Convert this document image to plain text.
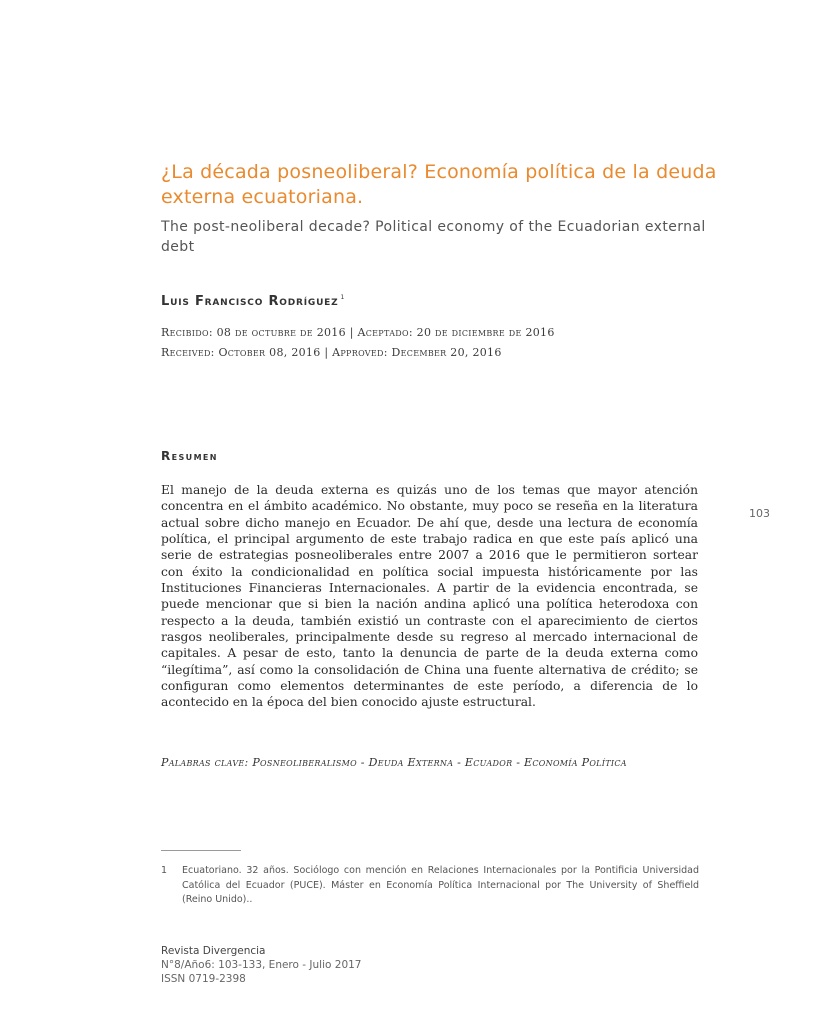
¿La década posneoliberal? Economía política de la deuda externa ecuatoriana.
The post-neoliberal decade? Political economy of the Ecuadorian external debt
Luis Francisco Rodríguez $^1$
Recibido: 08 de octubre de 2016 | Aceptado: 20 de diciembre de 2016
Received: October 08, 2016 | Approved: December 20, 2016
Resumen
103

El manejo de la deuda externa es quizás uno de los temas que mayor atención concentra en el ámbito académico. No obstante, muy poco se reseña en la literatura actual sobre dicho manejo en Ecuador. De ahí que, desde una lectura de economía política, el principal argumento de este trabajo radica en que este país aplicó una serie de estrategias posneoliberales entre 2007 a 2016 que le permitieron sortear con éxito la condicionalidad en política social impuesta históricamente por las Instituciones Financieras Internacionales. A partir de la evidencia encontrada, se puede mencionar que si bien la nación andina aplicó una política heterodoxa con respecto a la deuda, también existió un contraste con el aparecimiento de ciertos rasgos neoliberales, principalmente desde su regreso al mercado internacional de capitales. A pesar de esto, tanto la denuncia de parte de la deuda externa como “ilegítima”, así como la consolidación de China una fuente alternativa de crédito; se configuran como elementos determinantes de este período, a diferencia de lo acontecido en la época del bien conocido ajuste estructural.

Palabras clave: Posneoliberalismo - Deuda Externa - Ecuador - Economía Política
1 Ecuatoriano. 32 años. Sociólogo con mención en Relaciones Internacionales por la Pontificia Universidad Católica del Ecuador (PUCE). Máster en Economía Política Internacional por The University of Sheffield (Reino Unido)..
Revista Divergencia
N°8/Año6: 103-133, Enero - Julio 2017
ISSN 0719-2398
